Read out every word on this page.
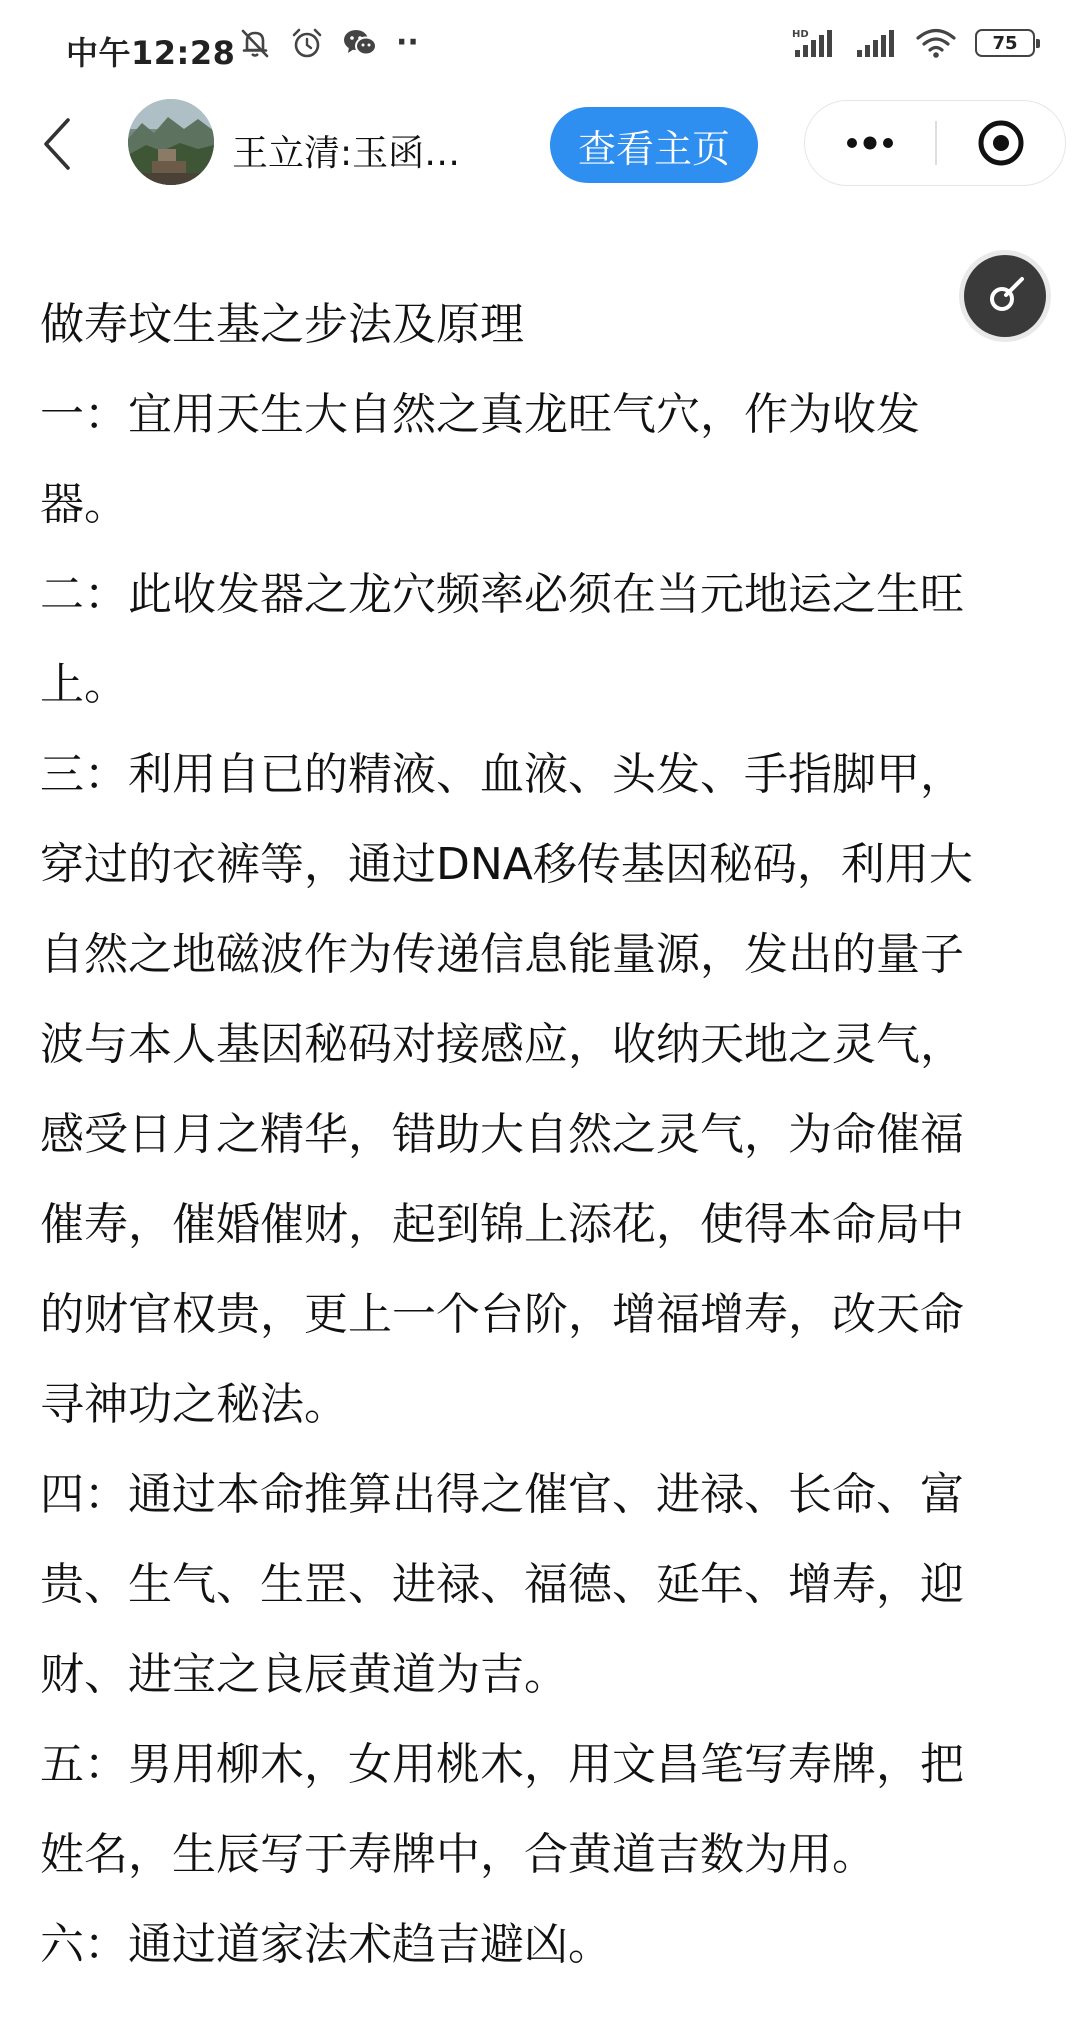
中午12:28	··	HD	75
王立清:玉函…	查看主页
做寿坟生基之步法及原理
一：宜用天生大自然之真龙旺气穴，作为收发
器。
二：此收发器之龙穴频率必须在当元地运之生旺
上。
三：利用自已的精液、血液、头发、手指脚甲，
穿过的衣裤等，通过DNA移传基因秘码，利用大
自然之地磁波作为传递信息能量源，发出的量子
波与本人基因秘码对接感应，收纳天地之灵气，
感受日月之精华，错助大自然之灵气，为命催福
催寿，催婚催财，起到锦上添花，使得本命局中
的财官权贵，更上一个台阶，增福增寿，改天命
寻神功之秘法。
四：通过本命推算出得之催官、进禄、长命、富
贵、生气、生罡、进禄、福德、延年、增寿，迎
财、进宝之良辰黄道为吉。
五：男用柳木，女用桃木，用文昌笔写寿牌，把
姓名，生辰写于寿牌中，合黄道吉数为用。
六：通过道家法术趋吉避凶。
